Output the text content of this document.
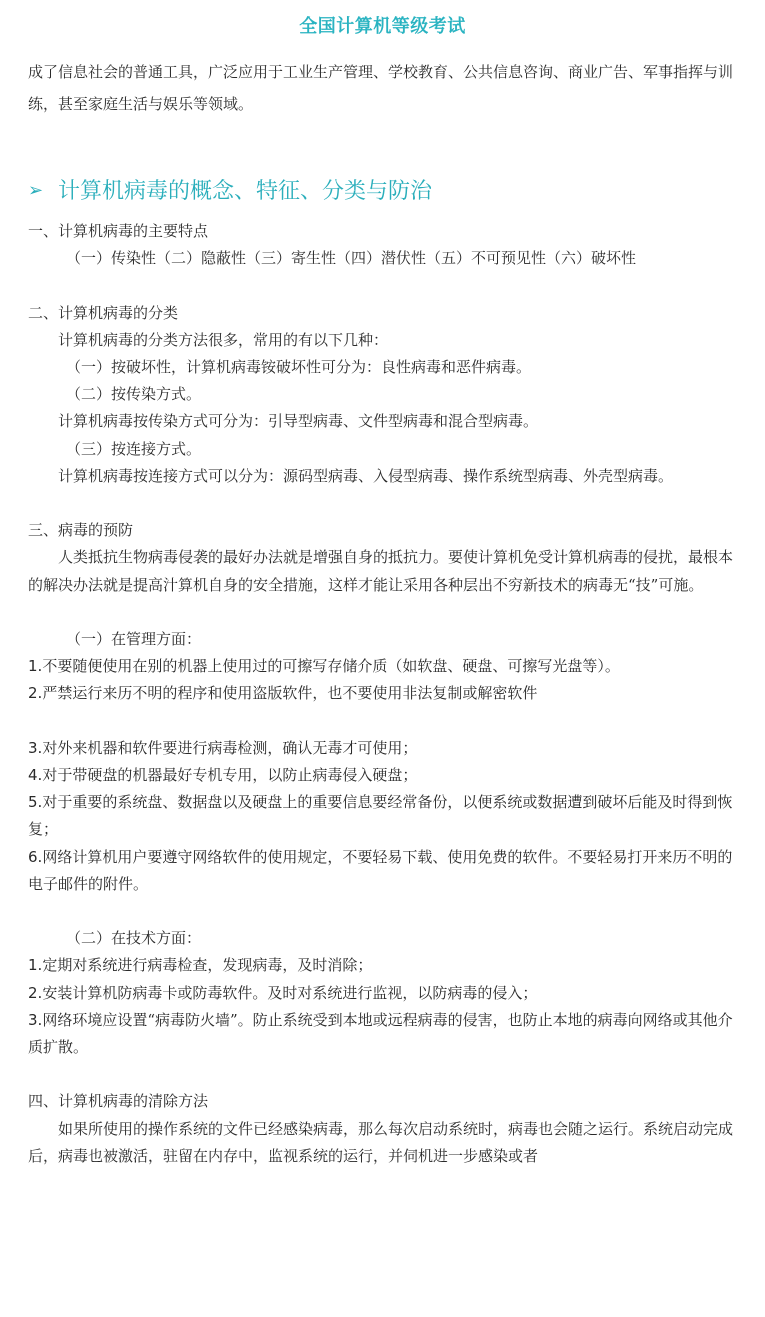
全国计算机等级考试
成了信息社会的普通工具，广泛应用于工业生产管理、学校教育、公共信息咨询、商业广告、军事指挥与训练，甚至家庭生活与娱乐等领域。
➢ 计算机病毒的概念、特征、分类与防治
一、计算机病毒的主要特点
（一）传染性（二）隐蔽性（三）寄生性（四）潜伏性（五）不可预见性（六）破坏性
二、计算机病毒的分类
计算机病毒的分类方法很多，常用的有以下几种：
（一）按破坏性，计算机病毒铵破坏性可分为：良性病毒和恶件病毒。
（二）按传染方式。
计算机病毒按传染方式可分为：引导型病毒、文件型病毒和混合型病毒。
（三）按连接方式。
计算机病毒按连接方式可以分为：源码型病毒、入侵型病毒、操作系统型病毒、外壳型病毒。
三、病毒的预防
人类抵抗生物病毒侵袭的最好办法就是增强自身的抵抗力。要使计算机免受计算机病毒的侵扰，最根本的解决办法就是提高汁算机自身的安全措施，这样才能让采用各种层出不穷新技术的病毒无“技”可施。
（一）在管理方面：
1.不要随便使用在别的机器上使用过的可擦写存储介质（如软盘、硬盘、可擦写光盘等）。
2.严禁运行来历不明的程序和使用盗版软件，也不要使用非法复制或解密软件
3.对外来机器和软件要进行病毒检测，确认无毒才可使用；
4.对于带硬盘的机器最好专机专用，以防止病毒侵入硬盘；
5.对于重要的系统盘、数据盘以及硬盘上的重要信息要经常备份，以便系统或数据遭到破坏后能及时得到恢复；
6.网络计算机用户要遵守网络软件的使用规定，不要轻易下载、使用免费的软件。不要轻易打开来历不明的电子邮件的附件。
（二）在技术方面：
1.定期对系统进行病毒检查，发现病毒，及时消除；
2.安装计算机防病毒卡或防毒软件。及时对系统进行监视，以防病毒的侵入；
3.网络环境应设置“病毒防火墙”。防止系统受到本地或远程病毒的侵害，也防止本地的病毒向网络或其他介质扩散。
四、计算机病毒的清除方法
如果所使用的操作系统的文件已经感染病毒，那么每次启动系统时，病毒也会随之运行。系统启动完成后，病毒也被激活，驻留在内存中，监视系统的运行，并伺机进一步感染或者
